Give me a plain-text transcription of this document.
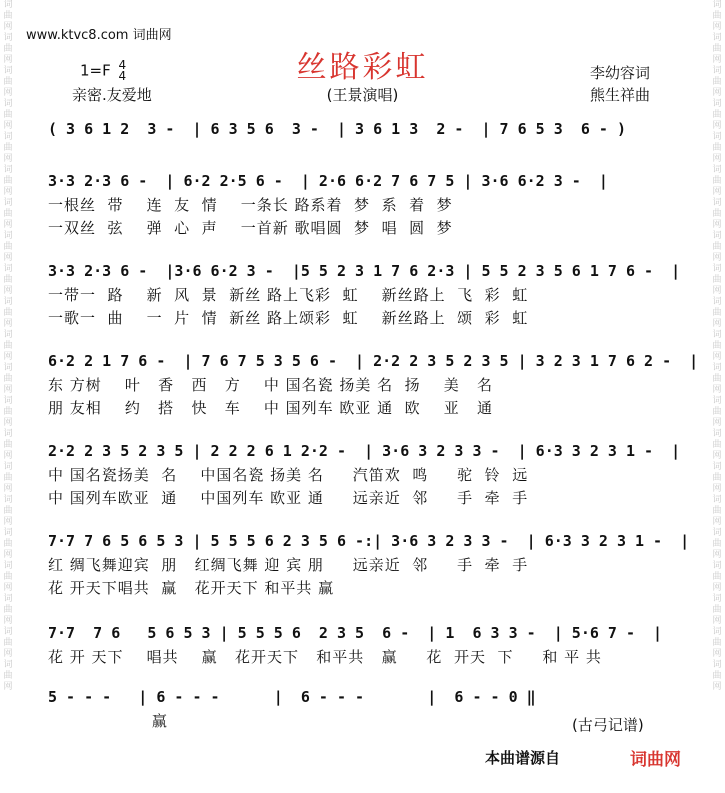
词曲网词曲网词曲网词曲网词曲网词曲网词曲网词曲网词曲网词曲网词曲网词曲网词曲网词曲网词曲网词曲网词曲网词曲网词曲网词曲网词曲网
词曲网词曲网词曲网词曲网词曲网词曲网词曲网词曲网词曲网词曲网词曲网词曲网词曲网词曲网词曲网词曲网词曲网词曲网词曲网词曲网词曲网
www.ktvc8.com 词曲网
丝路彩虹
1=F 4
4
亲密.友爱地	(王景演唱)
李幼容词
熊生祥曲
( 3 6 1 2  3 -  | 6 3 5 6  3 -  | 3 6 1 3  2 -  | 7 6 5 3  6 - )
3·3 2·3 6 -  | 6·2 2·5 6 -  | 2·6 6·2 7 6 7 5 | 3·6 6·2 3 -  |
一根丝  带    连  友  情    一条长 路系着  梦  系  着  梦
一双丝  弦    弹  心  声    一首新 歌唱圆  梦  唱  圆  梦
3·3 2·3 6 -  |3·6 6·2 3 -  |5 5 2 3 1 7 6 2·3 | 5 5 2 3 5 6 1 7 6 -  |
一带一  路    新  风  景  新丝 路上飞彩  虹    新丝路上  飞  彩  虹
一歌一  曲    一  片  情  新丝 路上颂彩  虹    新丝路上  颂  彩  虹
6·2 2 1 7 6 -  | 7 6 7 5 3 5 6 -  | 2·2 2 3 5 2 3 5 | 3 2 3 1 7 6 2 -  |
东 方树    叶   香   西   方    中 国名瓷 扬美 名  扬    美   名
朋 友相    约   搭   快   车    中 国列车 欧亚 通  欧    亚   通
2·2 2 3 5 2 3 5 | 2 2 2 6 1 2·2 -  | 3·6 3 2 3 3 -  | 6·3 3 2 3 1 -  |
中 国名瓷扬美  名    中国名瓷 扬美 名     汽笛欢  鸣     驼  铃  远
中 国列车欧亚  通    中国列车 欧亚 通     远亲近  邻     手  牵  手
7·7 7 6 5 6 5 3 | 5 5 5 6 2 3 5 6 -:| 3·6 3 2 3 3 -  | 6·3 3 2 3 1 -  |
红 绸飞舞迎宾  朋   红绸飞舞 迎 宾 朋     远亲近  邻     手  牵  手
花 开天下唱共  赢   花开天下 和平共 赢
7·7  7 6   5 6 5 3 | 5 5 5 6  2 3 5  6 -  | 1  6 3 3 -  | 5·6 7 -  |
花 开 天下    唱共    赢   花开天下   和平共   赢     花  开天  下     和 平 共
5 - - -   | 6 - - -      |  6 - - -       |  6 - - 0 ‖
赢	(古弓记谱)
本曲谱源自	词曲网
